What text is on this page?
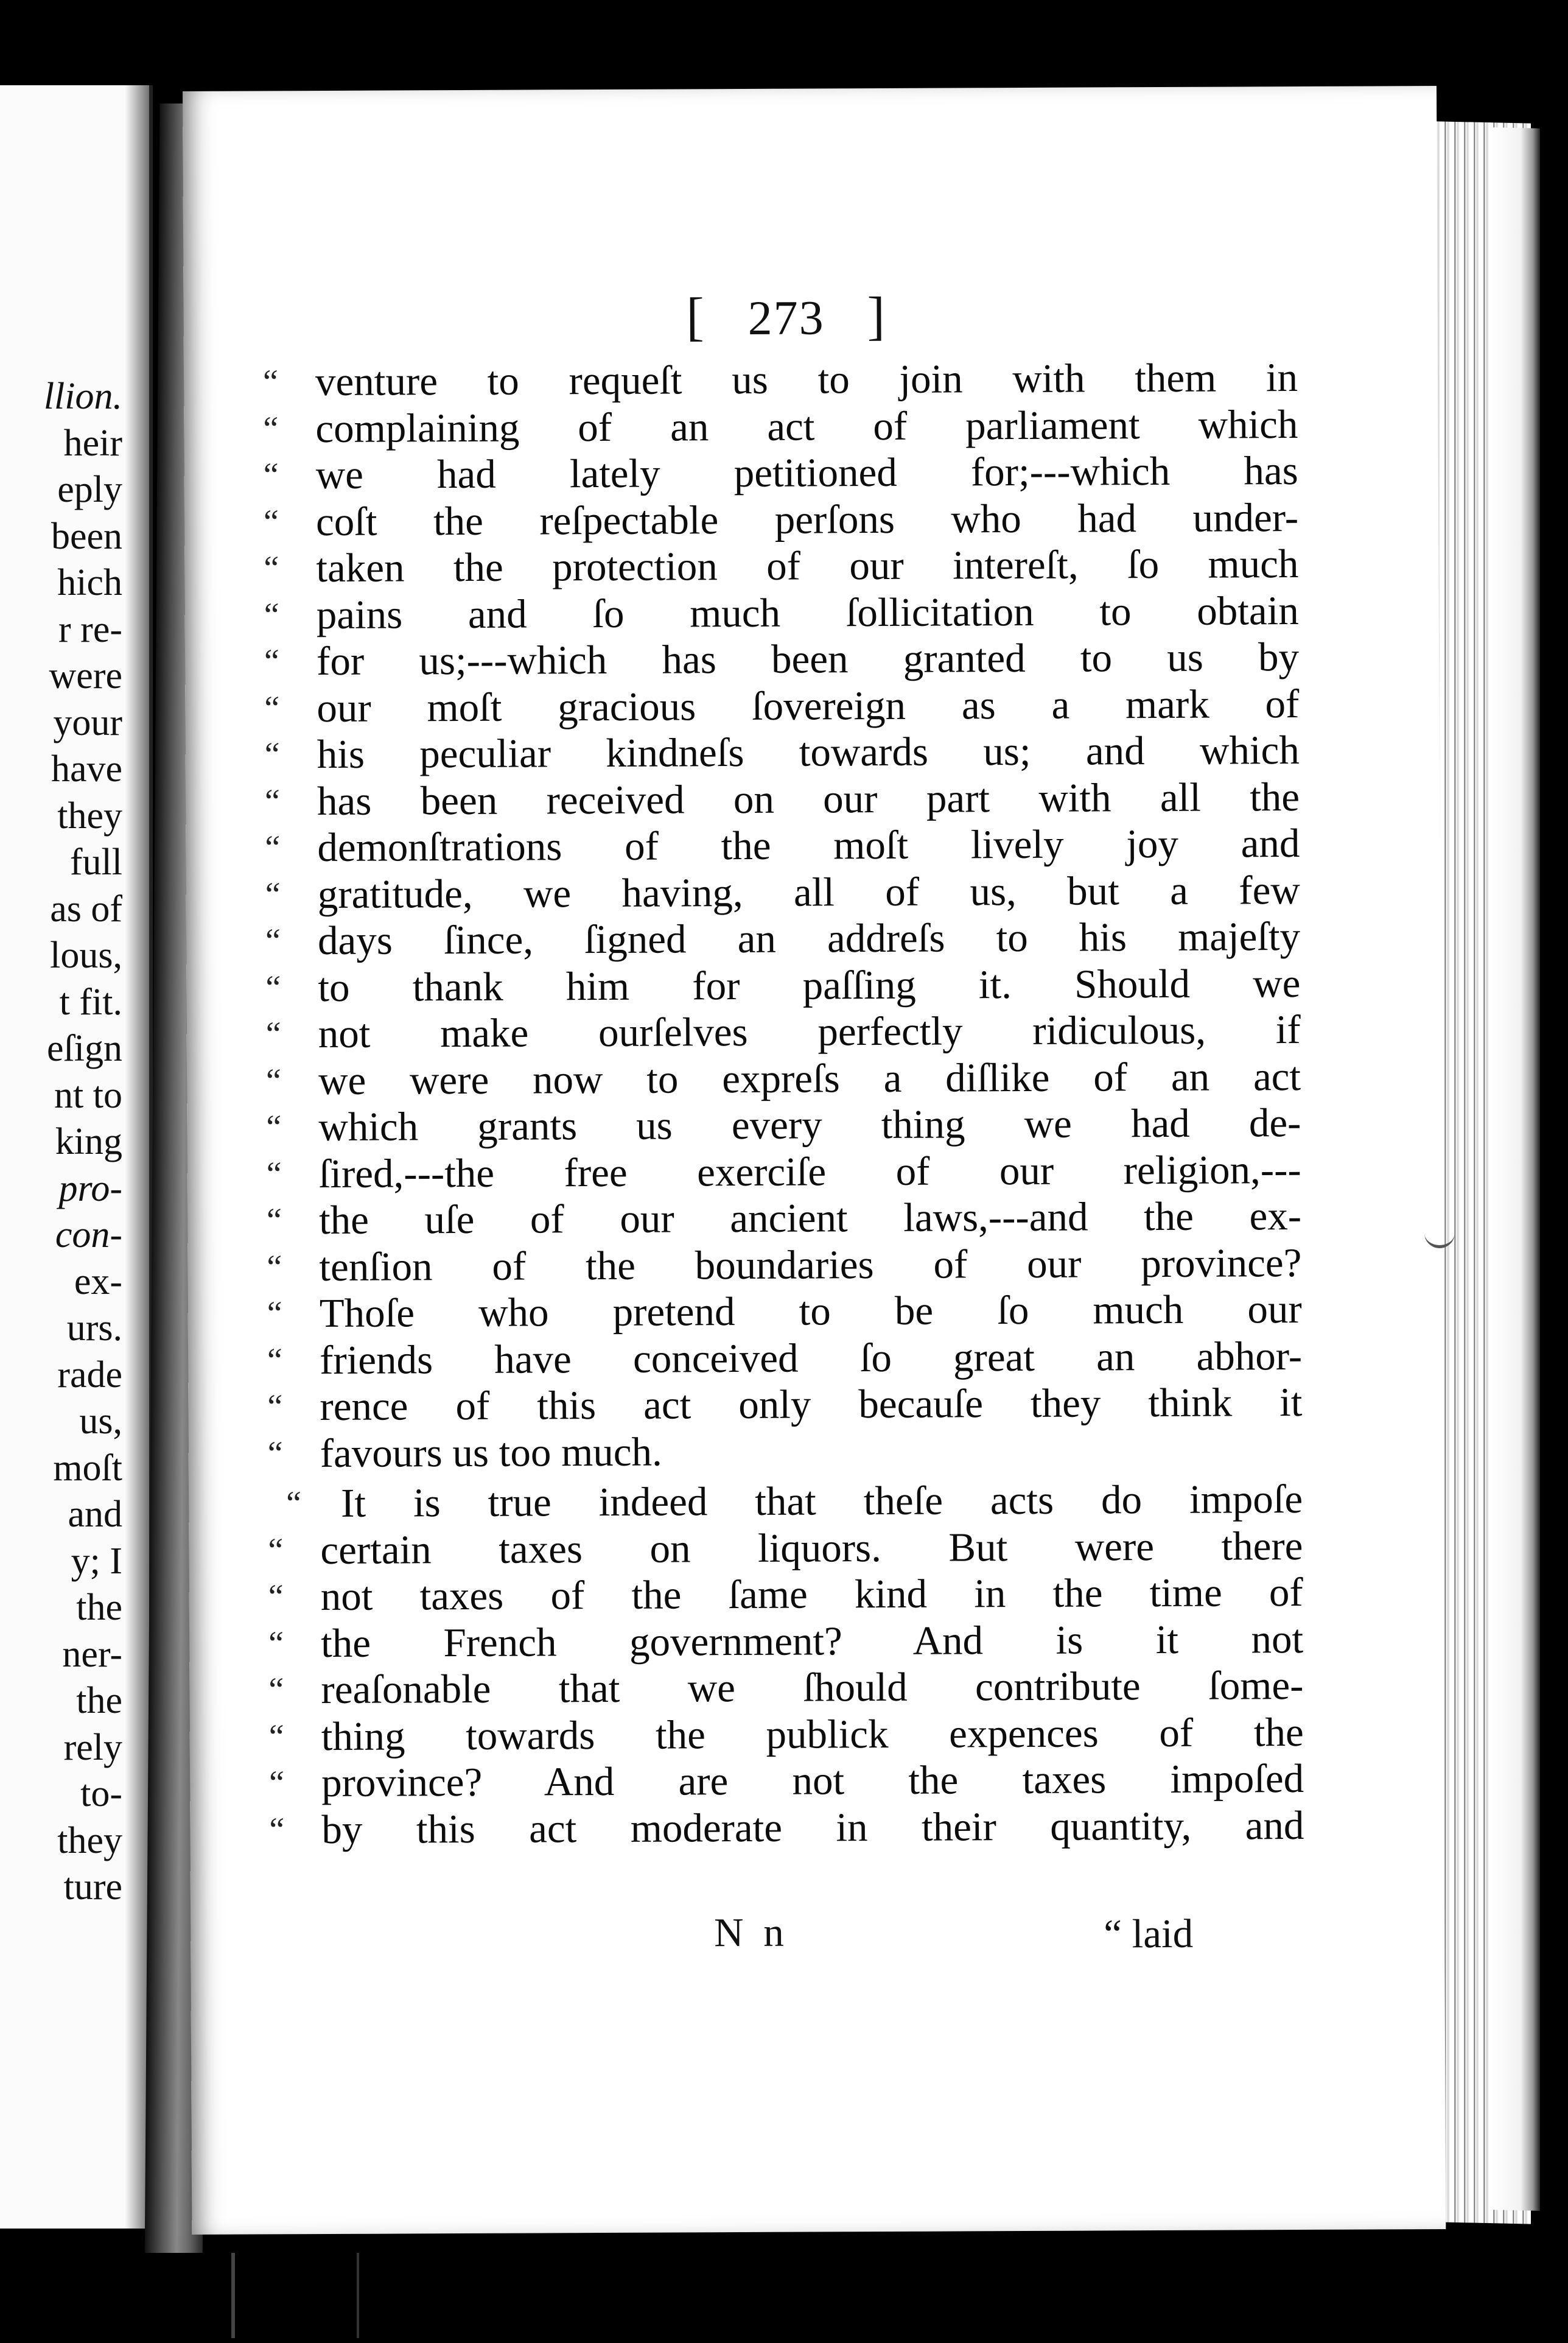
llion.
heir
eply
been
hich
r re-
were
your
have
they
full
as of
lous,
t fit.
eſign
nt to
king
pro-
con-
ex-
urs.
rade
us,
moſt
and
y; I
the
ner-
the
rely
to-
they
ture
[ 273 ]
“ venture to requeſt us to join with them in
“ complaining of an act of parliament which
“ we had lately petitioned for;---which has
“ coſt the reſpectable perſons who had under-
“ taken the protection of our intereſt, ſo much
“ pains and ſo much ſollicitation to obtain
“ for us;---which has been granted to us by
“ our moſt gracious ſovereign as a mark of
“ his peculiar kindneſs towards us; and which
“ has been received on our part with all the
“ demonſtrations of the moſt lively joy and
“ gratitude, we having, all of us, but a few
“ days ſince, ſigned an addreſs to his majeſty
“ to thank him for paſſing it. Should we
“ not make ourſelves perfectly ridiculous, if
“ we were now to expreſs a diſlike of an act
“ which grants us every thing we had de-
“ ſired,---the free exerciſe of our religion,---
“ the uſe of our ancient laws,---and the ex-
“ tenſion of the boundaries of our province?
“ Thoſe who pretend to be ſo much our
“ friends have conceived ſo great an abhor-
“ rence of this act only becauſe they think it
“ favours us too much.
“ It is true indeed that theſe acts do impoſe
“ certain taxes on liquors. But were there
“ not taxes of the ſame kind in the time of
“ the French government? And is it not
“ reaſonable that we ſhould contribute ſome-
“ thing towards the publick expences of the
“ province? And are not the taxes impoſed
“ by this act moderate in their quantity, and
N n	“ laid
